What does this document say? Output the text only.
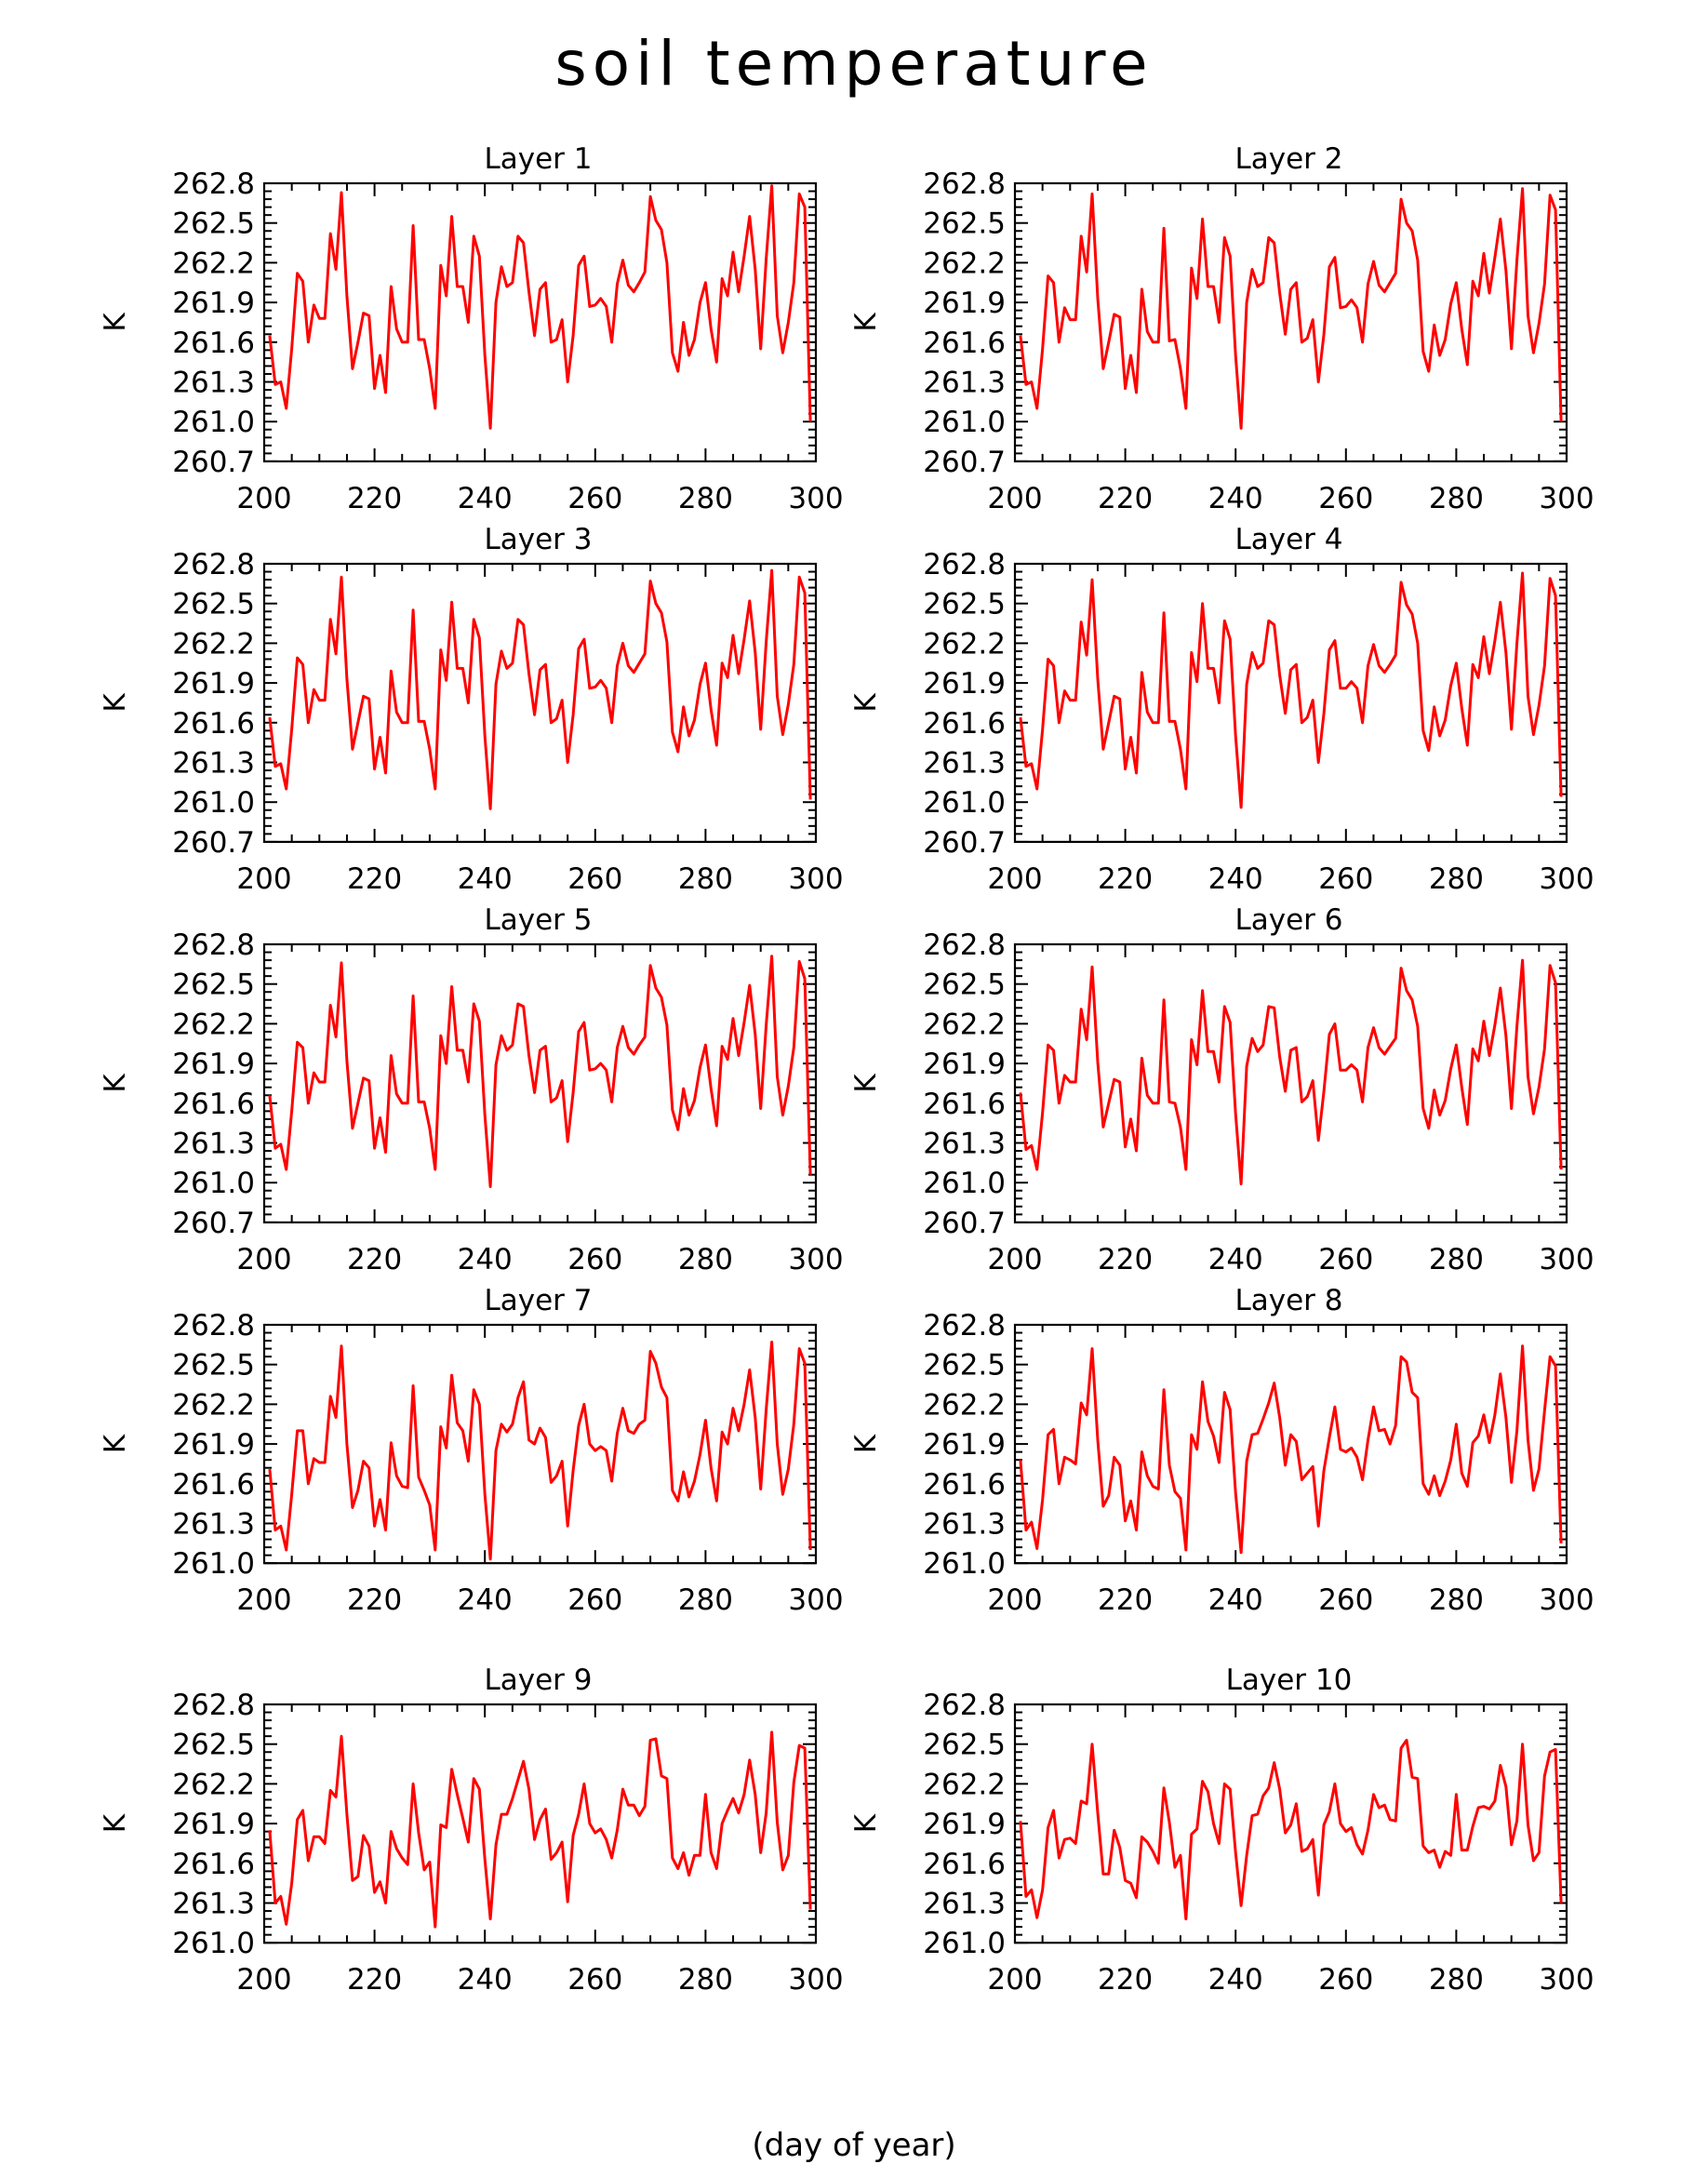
soil temperature
200 220 240 260 280 300
260.7
261.0
261.3
261.6
261.9
262.2
262.5
262.8
K
Layer 1
200 220 240 260 280 300
260.7
261.0
261.3
261.6
261.9
262.2
262.5
262.8
K
Layer 2
200 220 240 260 280 300
260.7
261.0
261.3
261.6
261.9
262.2
262.5
262.8
K
Layer 3
200 220 240 260 280 300
260.7
261.0
261.3
261.6
261.9
262.2
262.5
262.8
K
Layer 4
200 220 240 260 280 300
260.7
261.0
261.3
261.6
261.9
262.2
262.5
262.8
K
Layer 5
200 220 240 260 280 300
260.7
261.0
261.3
261.6
261.9
262.2
262.5
262.8
K
Layer 6
200 220 240 260 280 300
261.0
261.3
261.6
261.9
262.2
262.5
262.8
K
Layer 7
200 220 240 260 280 300
261.0
261.3
261.6
261.9
262.2
262.5
262.8
K
Layer 8
200 220 240 260 280 300
261.0
261.3
261.6
261.9
262.2
262.5
262.8
K
Layer 9
200 220 240 260 280 300
261.0
261.3
261.6
261.9
262.2
262.5
262.8
K
Layer 10
(day of year)
